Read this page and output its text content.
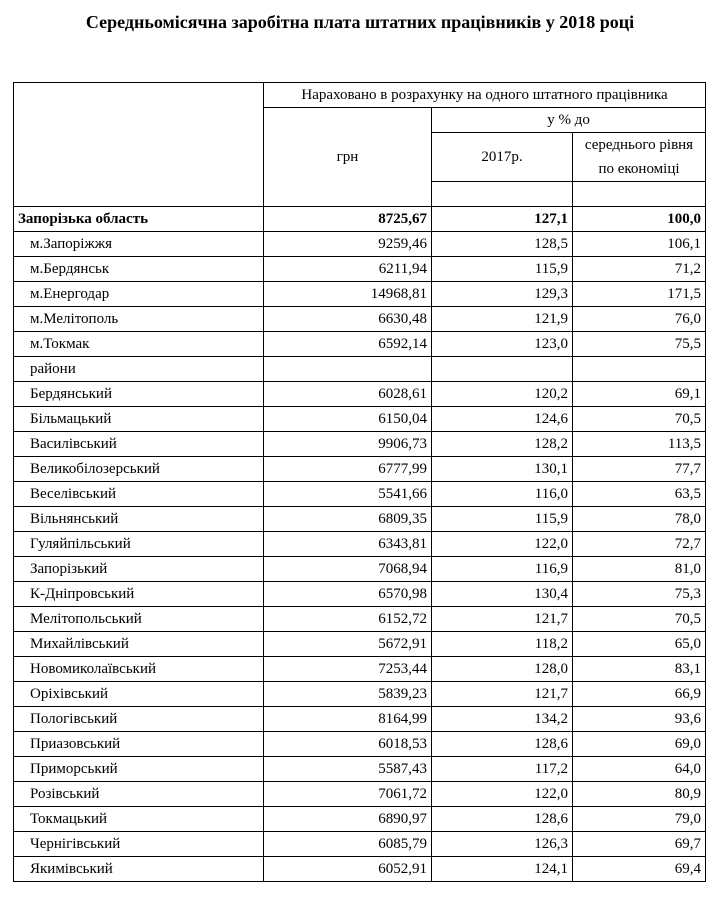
Середньомісячна заробітна плата штатних працівників у 2018 році
	Нараховано в розрахунку на одного штатного працівника		
	грн	у % до	
		2017р.	середнього рівня по економіці

Запорізька область	8725,67	127,1	100,0
м.Запоріжжя	9259,46	128,5	106,1
м.Бердянськ	6211,94	115,9	71,2
м.Енергодар	14968,81	129,3	171,5
м.Мелітополь	6630,48	121,9	76,0
м.Токмак	6592,14	123,0	75,5
райони			
Бердянський	6028,61	120,2	69,1
Більмацький	6150,04	124,6	70,5
Василівський	9906,73	128,2	113,5
Великобілозерський	6777,99	130,1	77,7
Веселівський	5541,66	116,0	63,5
Вільнянський	6809,35	115,9	78,0
Гуляйпільський	6343,81	122,0	72,7
Запорізький	7068,94	116,9	81,0
К-Дніпровський	6570,98	130,4	75,3
Мелітопольський	6152,72	121,7	70,5
Михайлівський	5672,91	118,2	65,0
Новомиколаївський	7253,44	128,0	83,1
Оріхівський	5839,23	121,7	66,9
Пологівський	8164,99	134,2	93,6
Приазовський	6018,53	128,6	69,0
Приморський	5587,43	117,2	64,0
Розівський	7061,72	122,0	80,9
Токмацький	6890,97	128,6	79,0
Чернігівський	6085,79	126,3	69,7
Якимівський	6052,91	124,1	69,4
